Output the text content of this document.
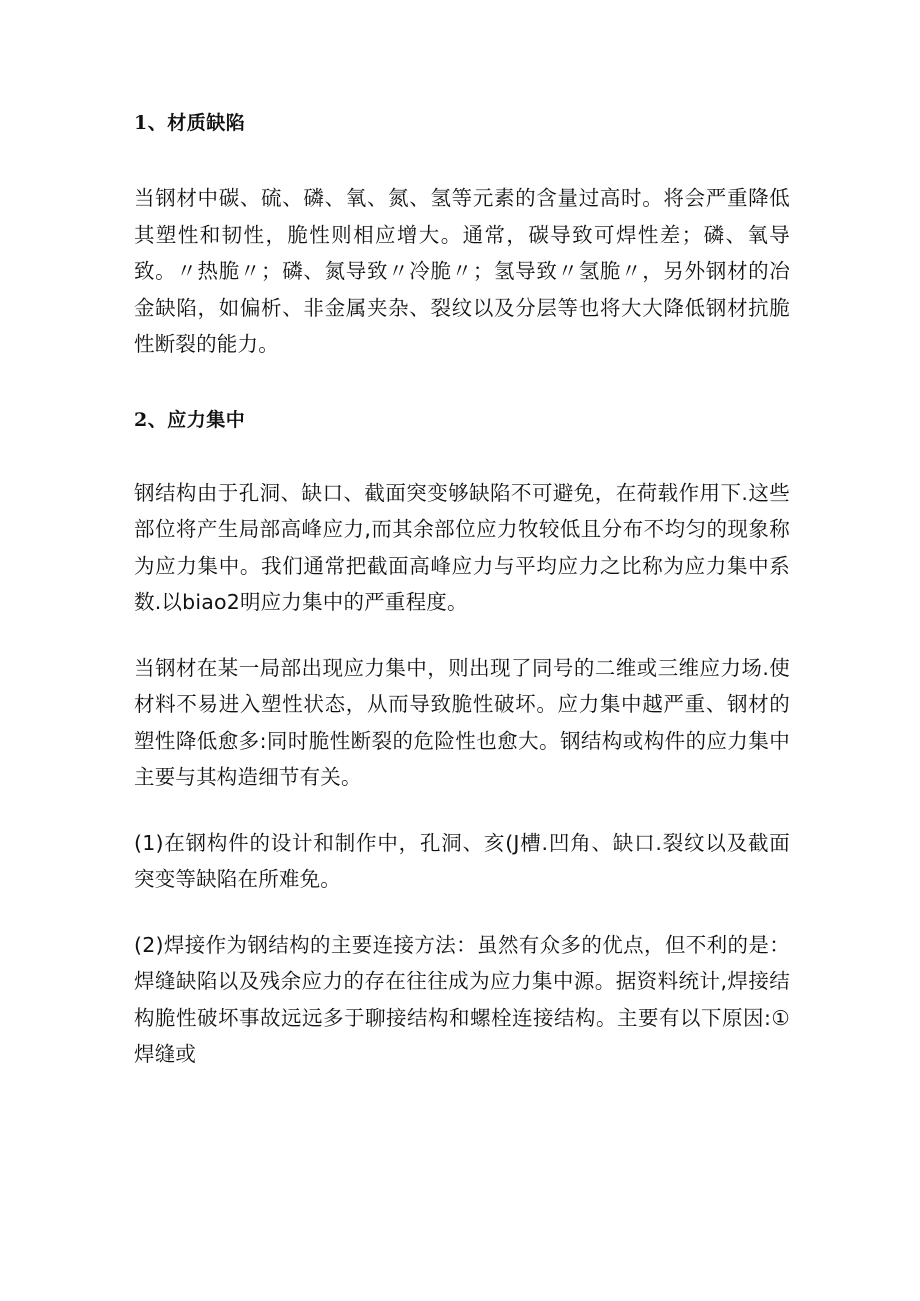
1、材质缺陷

当钢材中碳、硫、磷、氧、氮、氢等元素的含量过高时。将会严重降低其塑性和韧性，脆性则相应增大。通常，碳导致可焊性差；磷、氧导致。〃热脆〃；磷、氮导致〃冷脆〃；氢导致〃氢脆〃，另外钢材的冶金缺陷，如偏析、非金属夹杂、裂纹以及分层等也将大大降低钢材抗脆性断裂的能力。

2、应力集中

钢结构由于孔洞、缺口、截面突变够缺陷不可避免，在荷载作用下.这些部位将产生局部高峰应力,而其余部位应力牧较低且分布不均匀的现象称为应力集中。我们通常把截面高峰应力与平均应力之比称为应力集中系数.以biao2明应力集中的严重程度。

当钢材在某一局部出现应力集中，则出现了同号的二维或三维应力场.使材料不易进入塑性状态，从而导致脆性破坏。应力集中越严重、钢材的塑性降低愈多:同时脆性断裂的危险性也愈大。钢结构或构件的应力集中主要与其构造细节有关。

(1)在钢构件的设计和制作中，孔洞、亥(J槽.凹角、缺口.裂纹以及截面突变等缺陷在所难免。

(2)焊接作为钢结构的主要连接方法：虽然有众多的优点，但不利的是：焊缝缺陷以及残余应力的存在往往成为应力集中源。据资料统计,焊接结构脆性破坏事故远远多于聊接结构和螺栓连接结构。主要有以下原因:①焊缝或
